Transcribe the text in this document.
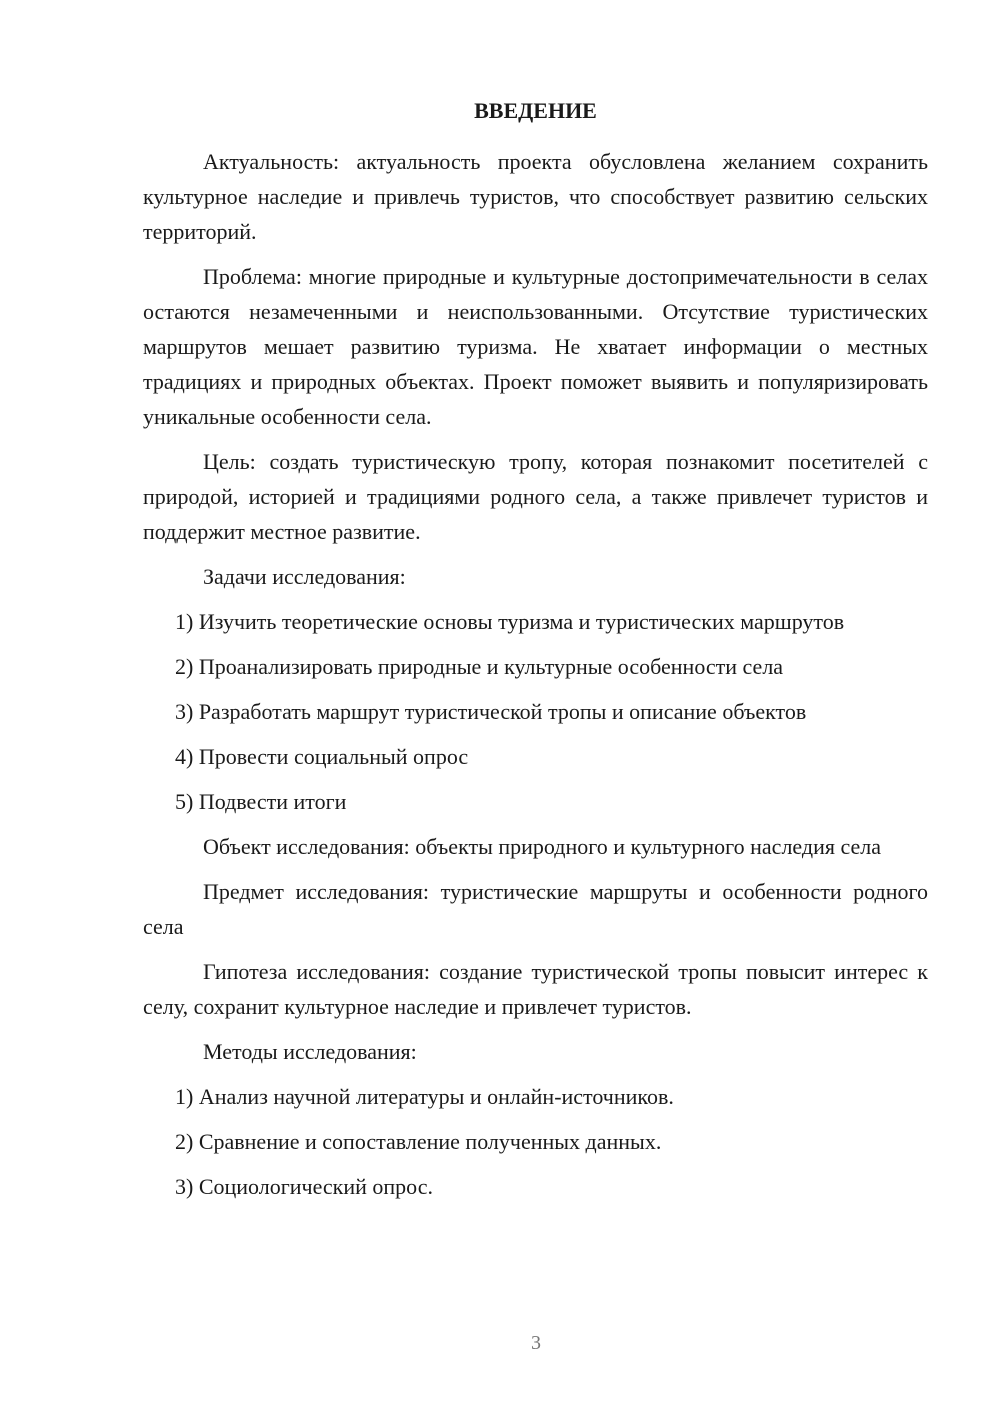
ВВЕДЕНИЕ

Актуальность: актуальность проекта обусловлена желанием сохранить культурное наследие и привлечь туристов, что способствует развитию сельских территорий.

Проблема: многие природные и культурные достопримечательности в селах остаются незамеченными и неиспользованными. Отсутствие туристических маршрутов мешает развитию туризма. Не хватает информации о местных традициях и природных объектах. Проект поможет выявить и популяризировать уникальные особенности села.

Цель: создать туристическую тропу, которая познакомит посетителей с природой, историей и традициями родного села, а также привлечет туристов и поддержит местное развитие.

Задачи исследования:

1) Изучить теоретические основы туризма и туристических маршрутов
2) Проанализировать природные и культурные особенности села
3) Разработать маршрут туристической тропы и описание объектов
4) Провести социальный опрос
5) Подвести итоги

Объект исследования: объекты природного и культурного наследия села

Предмет исследования: туристические маршруты и особенности родного села

Гипотеза исследования: создание туристической тропы повысит интерес к селу, сохранит культурное наследие и привлечет туристов.

Методы исследования:

1) Анализ научной литературы и онлайн-источников.
2) Сравнение и сопоставление полученных данных.
3) Социологический опрос.
3
